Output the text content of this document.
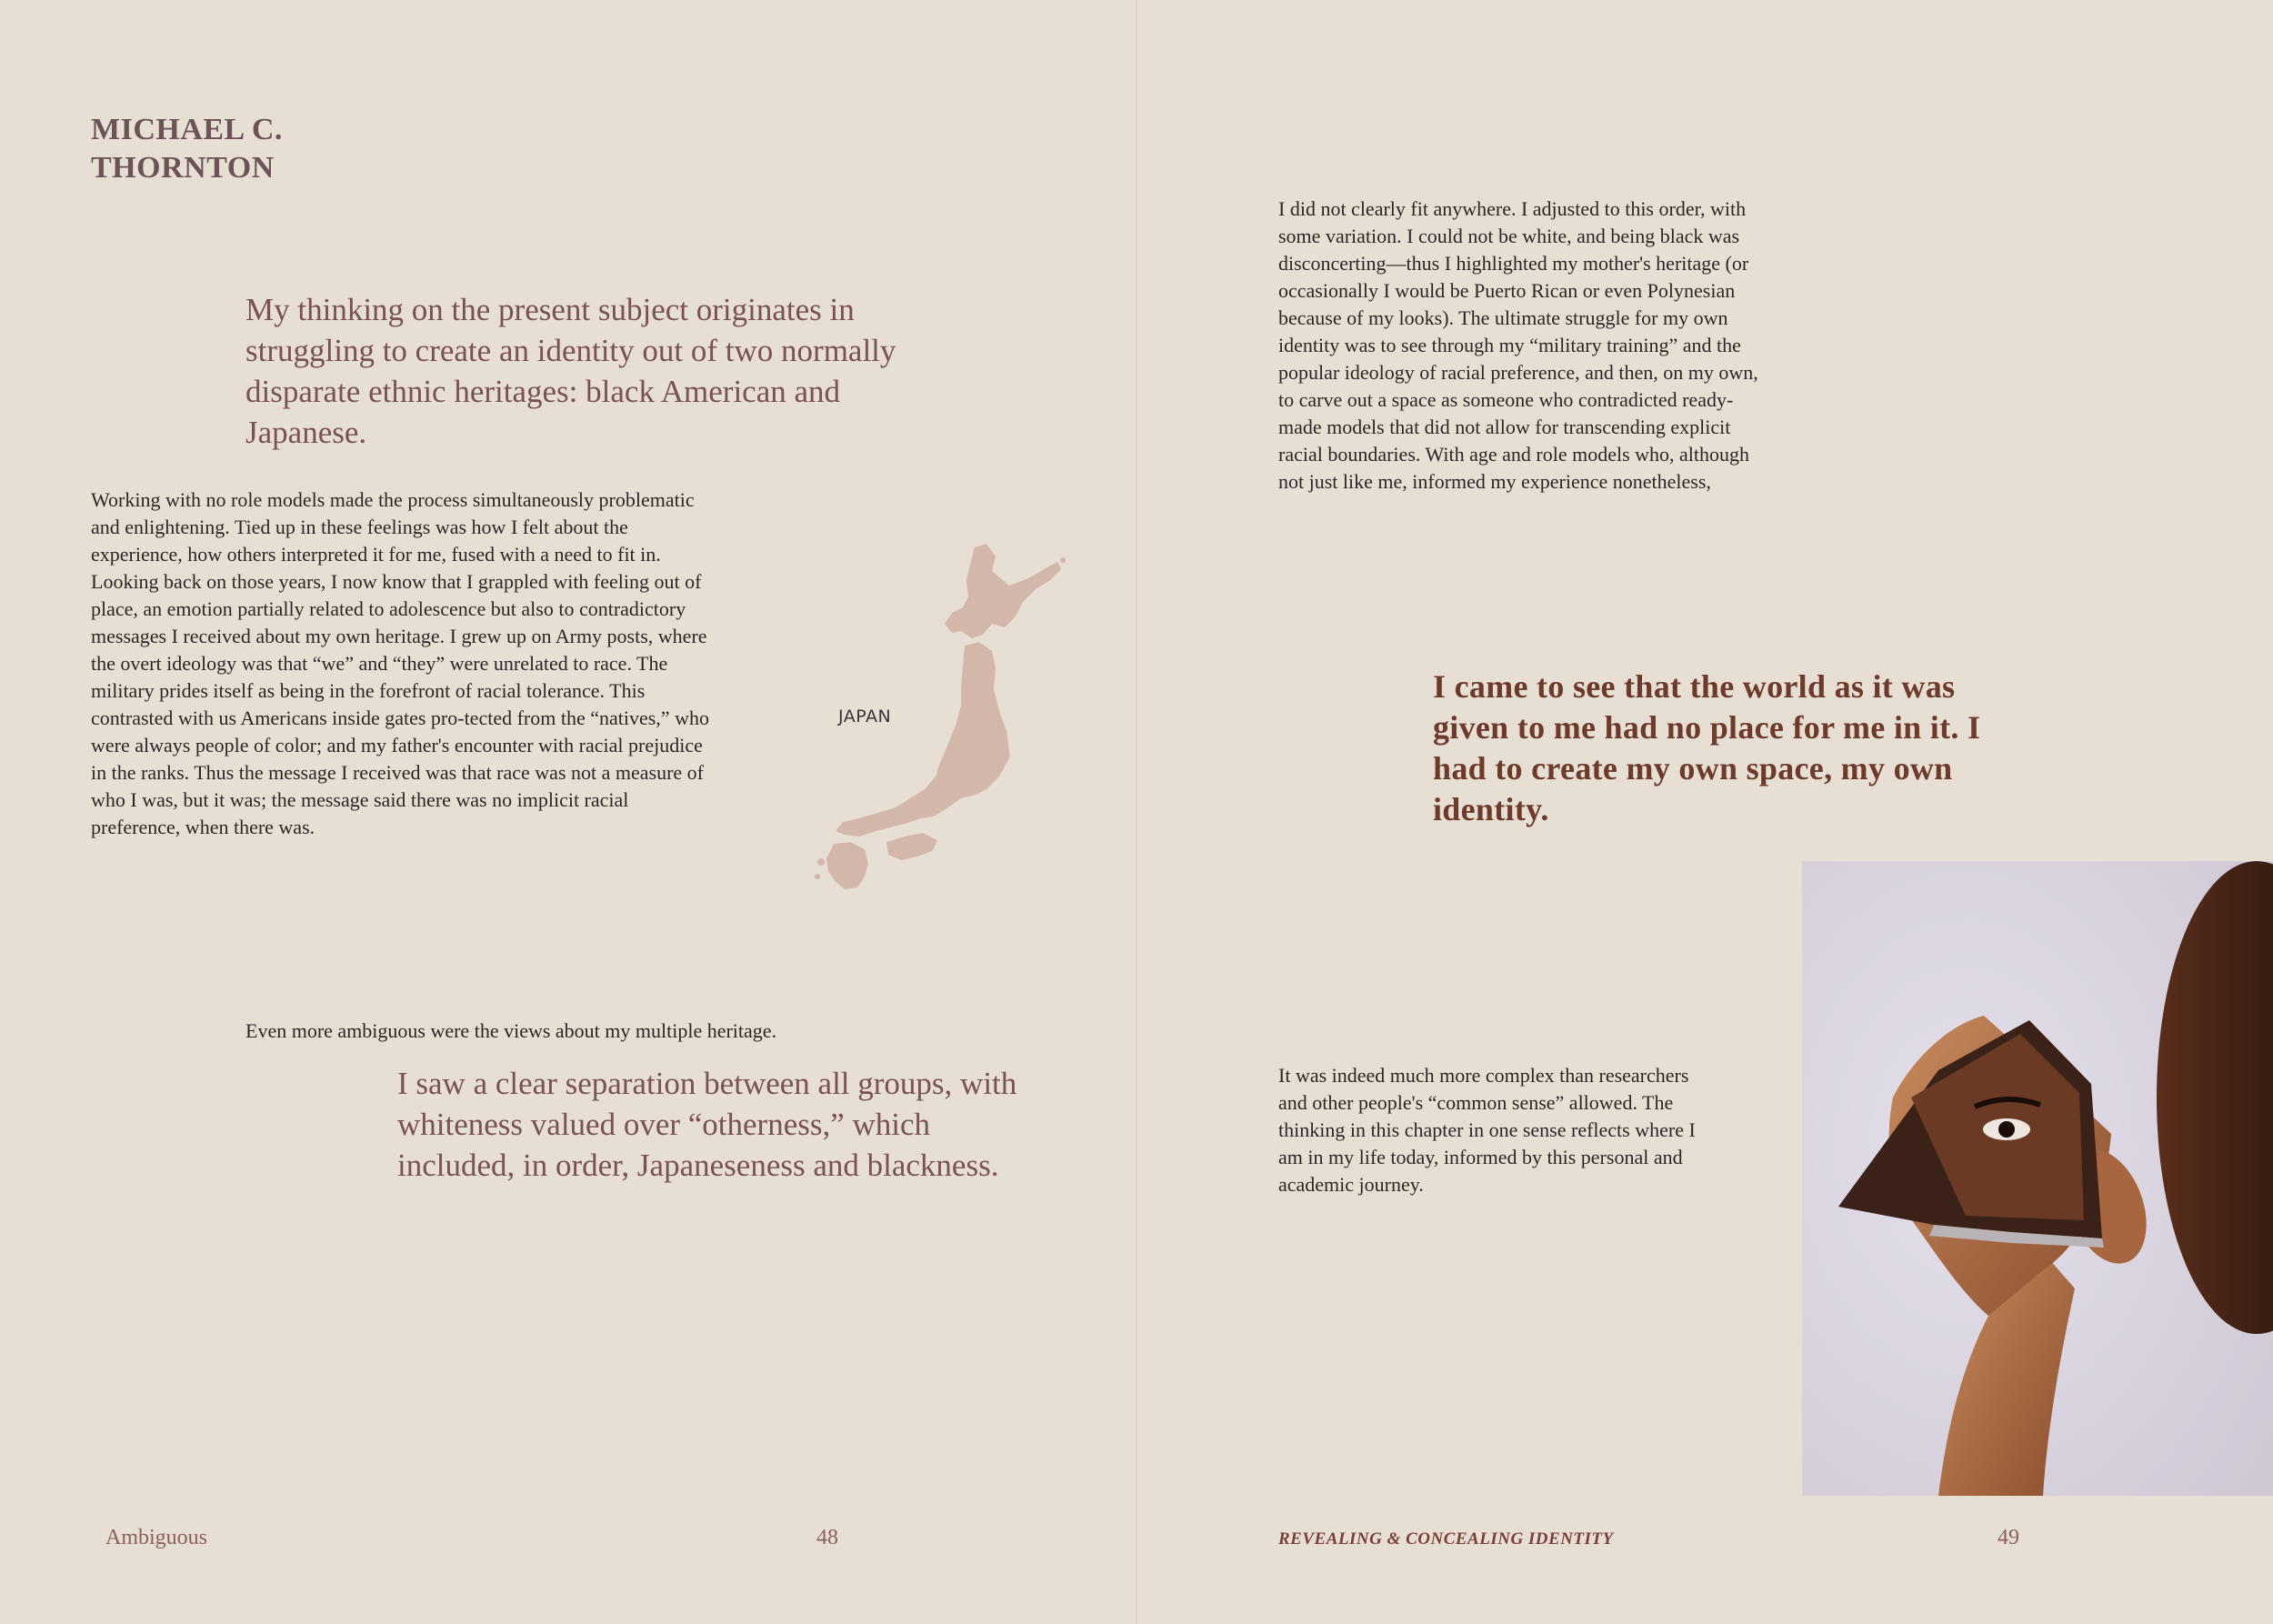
MICHAEL C.
THORNTON

My thinking on the present subject originates in struggling to create an identity out of two normally disparate ethnic heritages: black American and Japanese.

Working with no role models made the process simultaneously problematic and enlightening. Tied up in these feelings was how I felt about the experience, how others interpreted it for me, fused with a need to fit in. Looking back on those years, I now know that I grappled with feeling out of place, an emotion partially related to adolescence but also to contradictory messages I received about my own heritage. I grew up on Army posts, where the overt ideology was that “we” and “they” were unrelated to race. The military prides itself as being in the forefront of racial tolerance. This contrasted with us Americans inside gates pro-tected from the “natives,” who were always people of color; and my father's encounter with racial prejudice in the ranks. Thus the message I received was that race was not a measure of who I was, but it was; the message said there was no implicit racial preference, when there was.

JAPAN

Even more ambiguous were the views about my multiple heritage.

I saw a clear separation between all groups, with whiteness valued over “otherness,” which included, in order, Japaneseness and blackness.

Ambiguous	48

I did not clearly fit anywhere. I adjusted to this order, with some variation. I could not be white, and being black was disconcerting—thus I highlighted my mother's heritage (or occasionally I would be Puerto Rican or even Polynesian because of my looks). The ultimate struggle for my own identity was to see through my “military training” and the popular ideology of racial preference, and then, on my own, to carve out a space as someone who contradicted ready-made models that did not allow for transcending explicit racial boundaries. With age and role models who, although not just like me, informed my experience nonetheless,

I came to see that the world as it was given to me had no place for me in it. I had to create my own space, my own identity.

It was indeed much more complex than researchers and other people's “common sense” allowed. The thinking in this chapter in one sense reflects where I am in my life today, informed by this personal and academic journey.

REVEALING & CONCEALING IDENTITY	49
